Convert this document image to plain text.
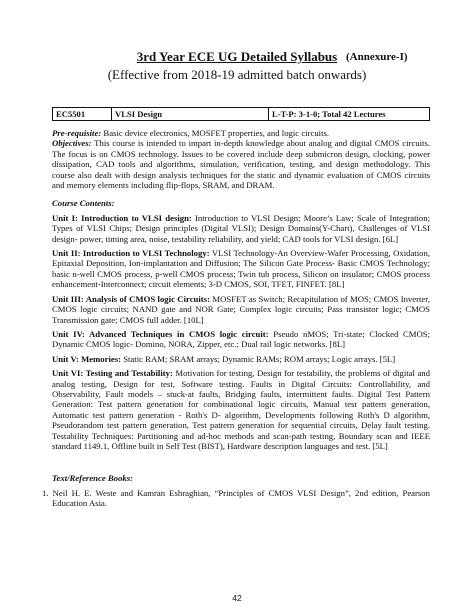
3rd Year ECE UG Detailed Syllabus (Annexure-I)
(Effective from 2018-19 admitted batch onwards)
EC5501	VLSI Design	L-T-P: 3-1-0; Total 42 Lectures

Pre-requisite: Basic device electronics, MOSFET properties, and logic circuits.

Objectives: This course is intended to impart in-depth knowledge about analog and digital CMOS circuits. The focus is on CMOS technology. Issues to be covered include deep submicron design, clocking, power dissipation, CAD tools and algorithms, simulation, verification, testing, and design methodology. This course also dealt with design analysis techniques for the static and dynamic evaluation of CMOS circuits and memory elements including flip-flops, SRAM, and DRAM.

Course Contents:

Unit I: Introduction to VLSI design: Introduction to VLSI Design; Moore’s Law; Scale of Integration; Types of VLSI Chips; Design principles (Digital VLSI); Design Domains(Y-Chart), Challenges of VLSI design- power, timing area, noise, testability reliability, and yield; CAD tools for VLSI design. [6L]

Unit II: Introduction to VLSI Technology: VLSI Technology-An Overview-Wafer Processing, Oxidation, Epitaxial Deposition, Ion-implantation and Diffusion; The Silicon Gate Process- Basic CMOS Technology; basic n-well CMOS process, p-well CMOS process; Twin tub process, Silicon on insulator; CMOS process enhancement-Interconnect; circuit elements; 3-D CMOS, SOI, TFET, FINFET. [8L]

Unit III: Analysis of CMOS logic Circuits: MOSFET as Switch; Recapitulation of MOS; CMOS Inverter, CMOS logic circuits; NAND gate and NOR Gate; Complex logic circuits; Pass transistor logic; CMOS Transmission gate; CMOS full adder. [10L]

Unit IV: Advanced Techniques in CMOS logic circuit: Pseudo nMOS; Tri-state; Clocked CMOS; Dynamic CMOS logic- Domino, NORA, Zipper, etc.; Dual rail logic networks. [8L]

Unit V: Memories: Static RAM; SRAM arrays; Dynamic RAMs; ROM arrays; Logic arrays. [5L]

Unit VI: Testing and Testability: Motivation for testing, Design for testability, the problems of digital and analog testing, Design for test, Software testing. Faults in Digital Circuits: Controllability, and Observability, Fault models – stuck-at faults, Bridging faults, intermittent faults. Digital Test Pattern Generation: Test pattern generation for combinational logic circuits, Manual test pattern generation, Automatic test pattern generation - Roth's D- algorithm, Developments following Roth's D algorithm, Pseudorandom test pattern generation, Test pattern generation for sequential circuits, Delay fault testing. Testability Techniques: Partitioning and ad-hoc methods and scan-path testing, Boundary scan and IEEE standard 1149.1, Offline built in Self Test (BIST), Hardware description languages and test. [5L]

Text/Reference Books:

1. Neil H. E. Weste and Kamran Eshraghian, “Principles of CMOS VLSI Design”, 2nd edition, Pearson Education Asia.

42
